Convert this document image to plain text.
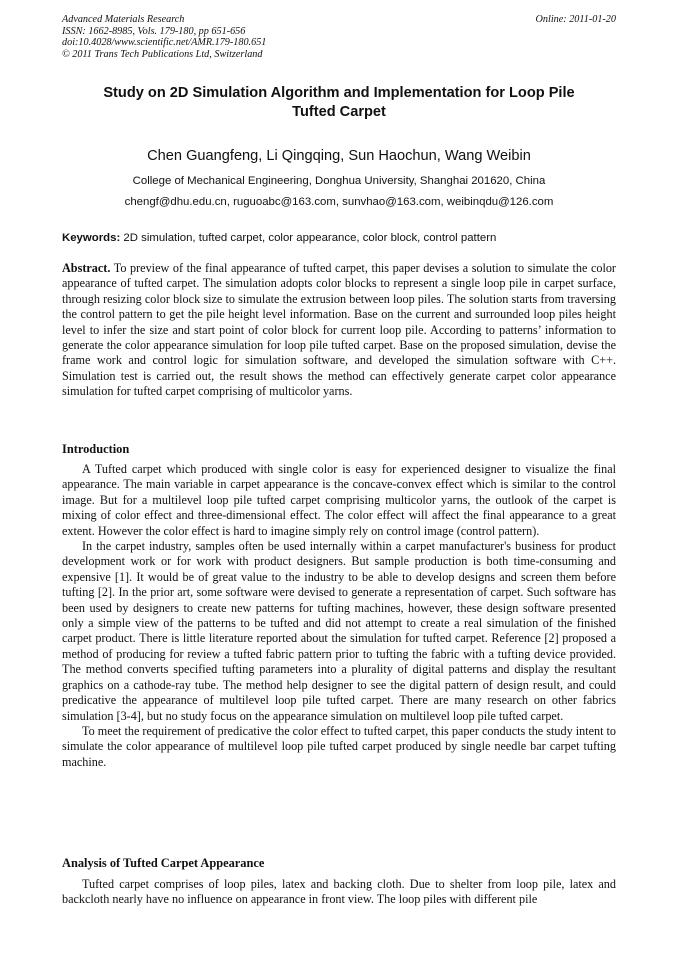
Advanced Materials Research
ISSN: 1662-8985, Vols. 179-180, pp 651-656
doi:10.4028/www.scientific.net/AMR.179-180.651
© 2011 Trans Tech Publications Ltd, Switzerland
Online: 2011-01-20
Study on 2D Simulation Algorithm and Implementation for Loop Pile
Tufted Carpet
Chen Guangfeng, Li Qingqing, Sun Haochun, Wang Weibin
College of Mechanical Engineering, Donghua University, Shanghai 201620, China
chengf@dhu.edu.cn, ruguoabc@163.com, sunvhao@163.com, weibinqdu@126.com
Keywords: 2D simulation, tufted carpet, color appearance, color block, control pattern
Abstract. To preview of the final appearance of tufted carpet, this paper devises a solution to simulate the color appearance of tufted carpet. The simulation adopts color blocks to represent a single loop pile in carpet surface, through resizing color block size to simulate the extrusion between loop piles. The solution starts from traversing the control pattern to get the pile height level information. Base on the current and surrounded loop piles height level to infer the size and start point of color block for current loop pile. According to patterns’ information to generate the color appearance simulation for loop pile tufted carpet. Base on the proposed simulation, devise the frame work and control logic for simulation software, and developed the simulation software with C++. Simulation test is carried out, the result shows the method can effectively generate carpet color appearance simulation for tufted carpet comprising of multicolor yarns.
Introduction

A Tufted carpet which produced with single color is easy for experienced designer to visualize the final appearance. The main variable in carpet appearance is the concave-convex effect which is similar to the control image. But for a multilevel loop pile tufted carpet comprising multicolor yarns, the outlook of the carpet is mixing of color effect and three-dimensional effect. The color effect will affect the final appearance to a great extent. However the color effect is hard to imagine simply rely on control image (control pattern).

In the carpet industry, samples often be used internally within a carpet manufacturer's business for product development work or for work with product designers. But sample production is both time-consuming and expensive [1]. It would be of great value to the industry to be able to develop designs and screen them before tufting [2]. In the prior art, some software were devised to generate a representation of carpet. Such software has been used by designers to create new patterns for tufting machines, however, these design software presented only a simple view of the patterns to be tufted and did not attempt to create a real simulation of the finished carpet product. There is little literature reported about the simulation for tufted carpet. Reference [2] proposed a method of producing for review a tufted fabric pattern prior to tufting the fabric with a tufting device provided. The method converts specified tufting parameters into a plurality of digital patterns and display the resultant graphics on a cathode-ray tube. The method help designer to see the digital pattern of design result, and could predicative the appearance of multilevel loop pile tufted carpet. There are many research on other fabrics simulation [3-4], but no study focus on the appearance simulation on multilevel loop pile tufted carpet.

To meet the requirement of predicative the color effect to tufted carpet, this paper conducts the study intent to simulate the color appearance of multilevel loop pile tufted carpet produced by single needle bar carpet tufting machine.

Analysis of Tufted Carpet Appearance

Tufted carpet comprises of loop piles, latex and backing cloth. Due to shelter from loop pile, latex and backcloth nearly have no influence on appearance in front view. The loop piles with different pile
